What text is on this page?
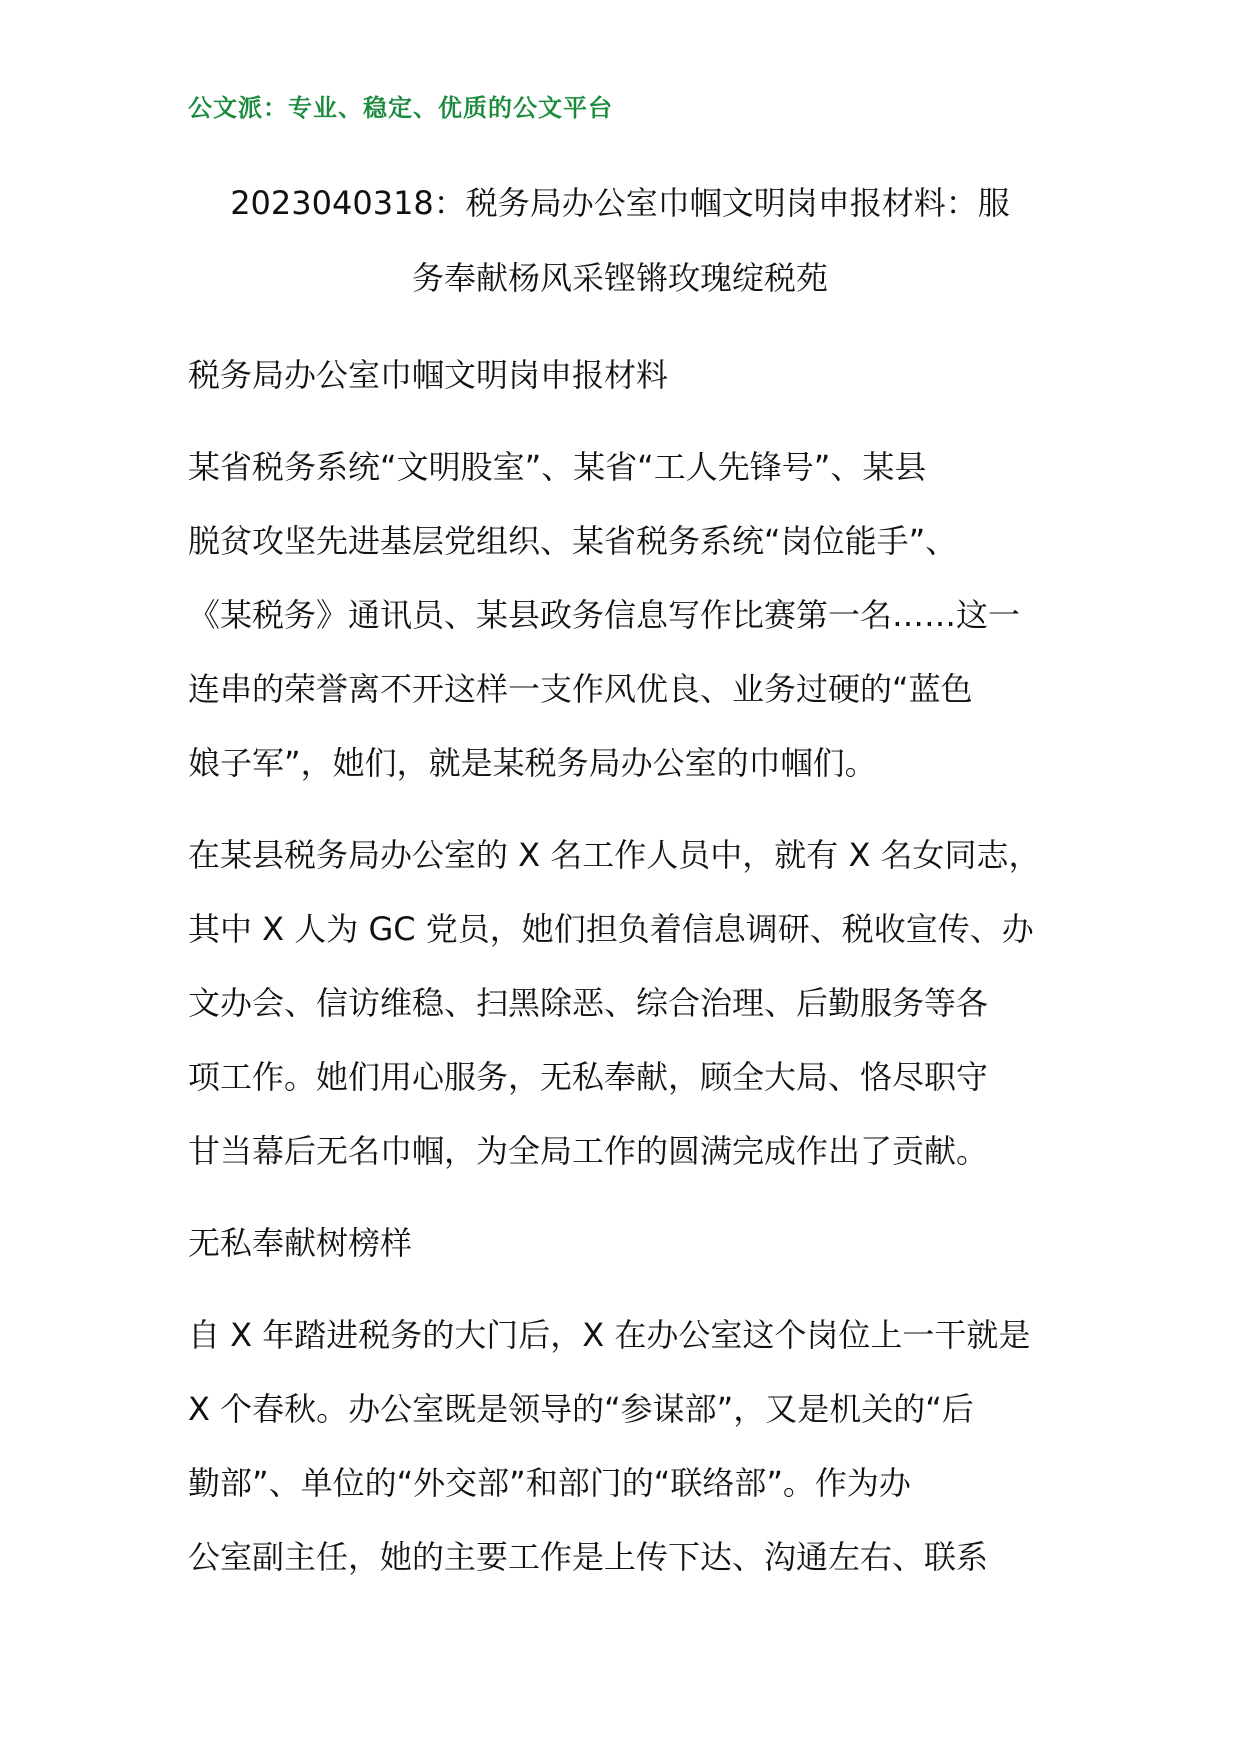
公文派：专业、稳定、优质的公文平台
2023040318：税务局办公室巾帼文明岗申报材料：服
务奉献杨风采铿锵玫瑰绽税苑
税务局办公室巾帼文明岗申报材料
某省税务系统“文明股室”、某省“工人先锋号”、某县
脱贫攻坚先进基层党组织、某省税务系统“岗位能手”、
《某税务》通讯员、某县政务信息写作比赛第一名……这一
连串的荣誉离不开这样一支作风优良、业务过硬的“蓝色
娘子军”，她们，就是某税务局办公室的巾帼们。
在某县税务局办公室的 X 名工作人员中，就有 X 名女同志，
其中 X 人为 GC 党员，她们担负着信息调研、税收宣传、办
文办会、信访维稳、扫黑除恶、综合治理、后勤服务等各
项工作。她们用心服务，无私奉献，顾全大局、恪尽职守
甘当幕后无名巾帼，为全局工作的圆满完成作出了贡献。
无私奉献树榜样
自 X 年踏进税务的大门后，X 在办公室这个岗位上一干就是
X 个春秋。办公室既是领导的“参谋部”，又是机关的“后
勤部”、单位的“外交部”和部门的“联络部”。作为办
公室副主任，她的主要工作是上传下达、沟通左右、联系
